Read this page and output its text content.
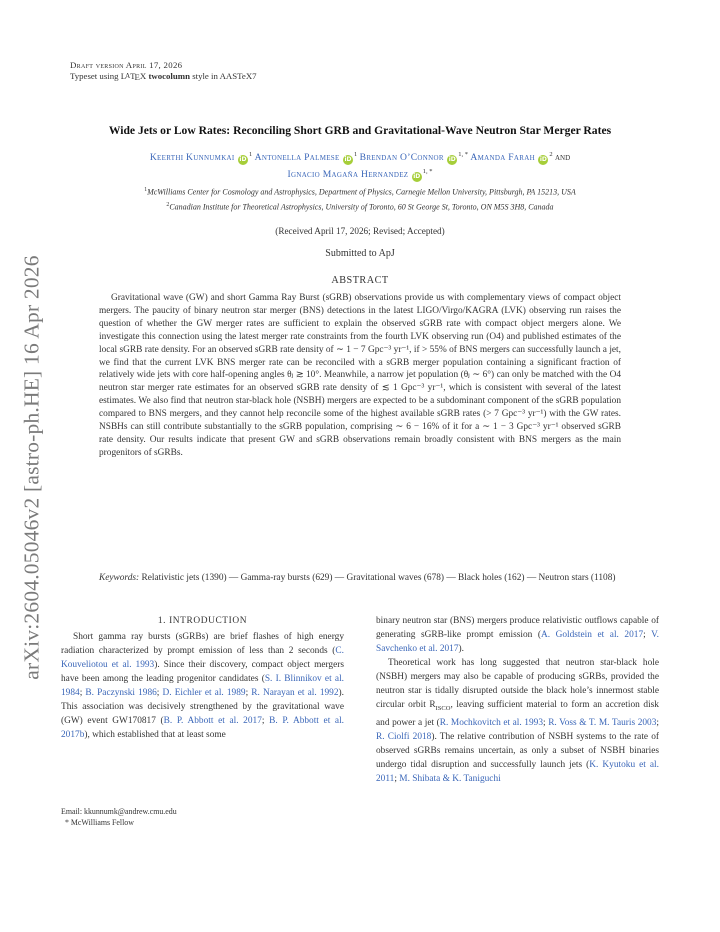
arXiv:2604.05046v2 [astro-ph.HE] 16 Apr 2026
Draft version April 17, 2026
Typeset using LATEX twocolumn style in AASTeX7
Wide Jets or Low Rates: Reconciling Short GRB and Gravitational-Wave Neutron Star Merger Rates
Keerthi Kunnumkai $iD^1$ Antonella Palmese $iD^1$ Brendan O’Connor $iD^{1, *}$ Amanda Farah $iD^2$ and
Ignacio Magaña Hernandez $iD^{1, *}$
$^1$McWilliams Center for Cosmology and Astrophysics, Department of Physics, Carnegie Mellon University, Pittsburgh, PA 15213, USA
$^2$Canadian Institute for Theoretical Astrophysics, University of Toronto, 60 St George St, Toronto, ON M5S 3H8, Canada
(Received April 17, 2026; Revised; Accepted)
Submitted to ApJ
ABSTRACT

Gravitational wave (GW) and short Gamma Ray Burst (sGRB) observations provide us with complementary views of compact object mergers. The paucity of binary neutron star merger (BNS) detections in the latest LIGO/Virgo/KAGRA (LVK) observing run raises the question of whether the GW merger rates are sufficient to explain the observed sGRB rate with compact object mergers alone. We investigate this connection using the latest merger rate constraints from the fourth LVK observing run (O4) and published estimates of the local sGRB rate density. For an observed sGRB rate density of ∼ 1 − 7 Gpc⁻³ yr⁻¹, if > 55% of BNS mergers can successfully launch a jet, we find that the current LVK BNS merger rate can be reconciled with a sGRB merger population containing a significant fraction of relatively wide jets with core half-opening angles θⱼ ≳ 10°. Meanwhile, a narrow jet population (θⱼ ∼ 6°) can only be matched with the O4 neutron star merger rate estimates for an observed sGRB rate density of ≲ 1 Gpc⁻³ yr⁻¹, which is consistent with several of the latest estimates. We also find that neutron star-black hole (NSBH) mergers are expected to be a subdominant component of the sGRB population compared to BNS mergers, and they cannot help reconcile some of the highest available sGRB rates (> 7 Gpc⁻³ yr⁻¹) with the GW rates. NSBHs can still contribute substantially to the sGRB population, comprising ∼ 6 − 16% of it for a ∼ 1 − 3 Gpc⁻³ yr⁻¹ observed sGRB rate density. Our results indicate that present GW and sGRB observations remain broadly consistent with BNS mergers as the main progenitors of sGRBs.

Keywords: Relativistic jets (1390) — Gamma-ray bursts (629) — Gravitational waves (678) — Black holes (162) — Neutron stars (1108)
1. INTRODUCTION

Short gamma ray bursts (sGRBs) are brief flashes of high energy radiation characterized by prompt emission of less than 2 seconds (C. Kouveliotou et al. 1993). Since their discovery, compact object mergers have been among the leading progenitor candidates (S. I. Blinnikov et al. 1984; B. Paczynski 1986; D. Eichler et al. 1989; R. Narayan et al. 1992). This association was decisively strengthened by the gravitational wave (GW) event GW170817 (B. P. Abbott et al. 2017; B. P. Abbott et al. 2017b), which established that at least some

binary neutron star (BNS) mergers produce relativistic outflows capable of generating sGRB-like prompt emission (A. Goldstein et al. 2017; V. Savchenko et al. 2017).

Theoretical work has long suggested that neutron star-black hole (NSBH) mergers may also be capable of producing sGRBs, provided the neutron star is tidally disrupted outside the black hole’s innermost stable circular orbit $R_{ISCO}$, leaving sufficient material to form an accretion disk and power a jet (R. Mochkovitch et al. 1993; R. Voss & T. M. Tauris 2003; R. Ciolfi 2018). The relative contribution of NSBH systems to the rate of observed sGRBs remains uncertain, as only a subset of NSBH binaries undergo tidal disruption and successfully launch jets (K. Kyutoku et al. 2011; M. Shibata & K. Taniguchi

Email: kkunnumk@andrew.cmu.edu
* McWilliams Fellow
